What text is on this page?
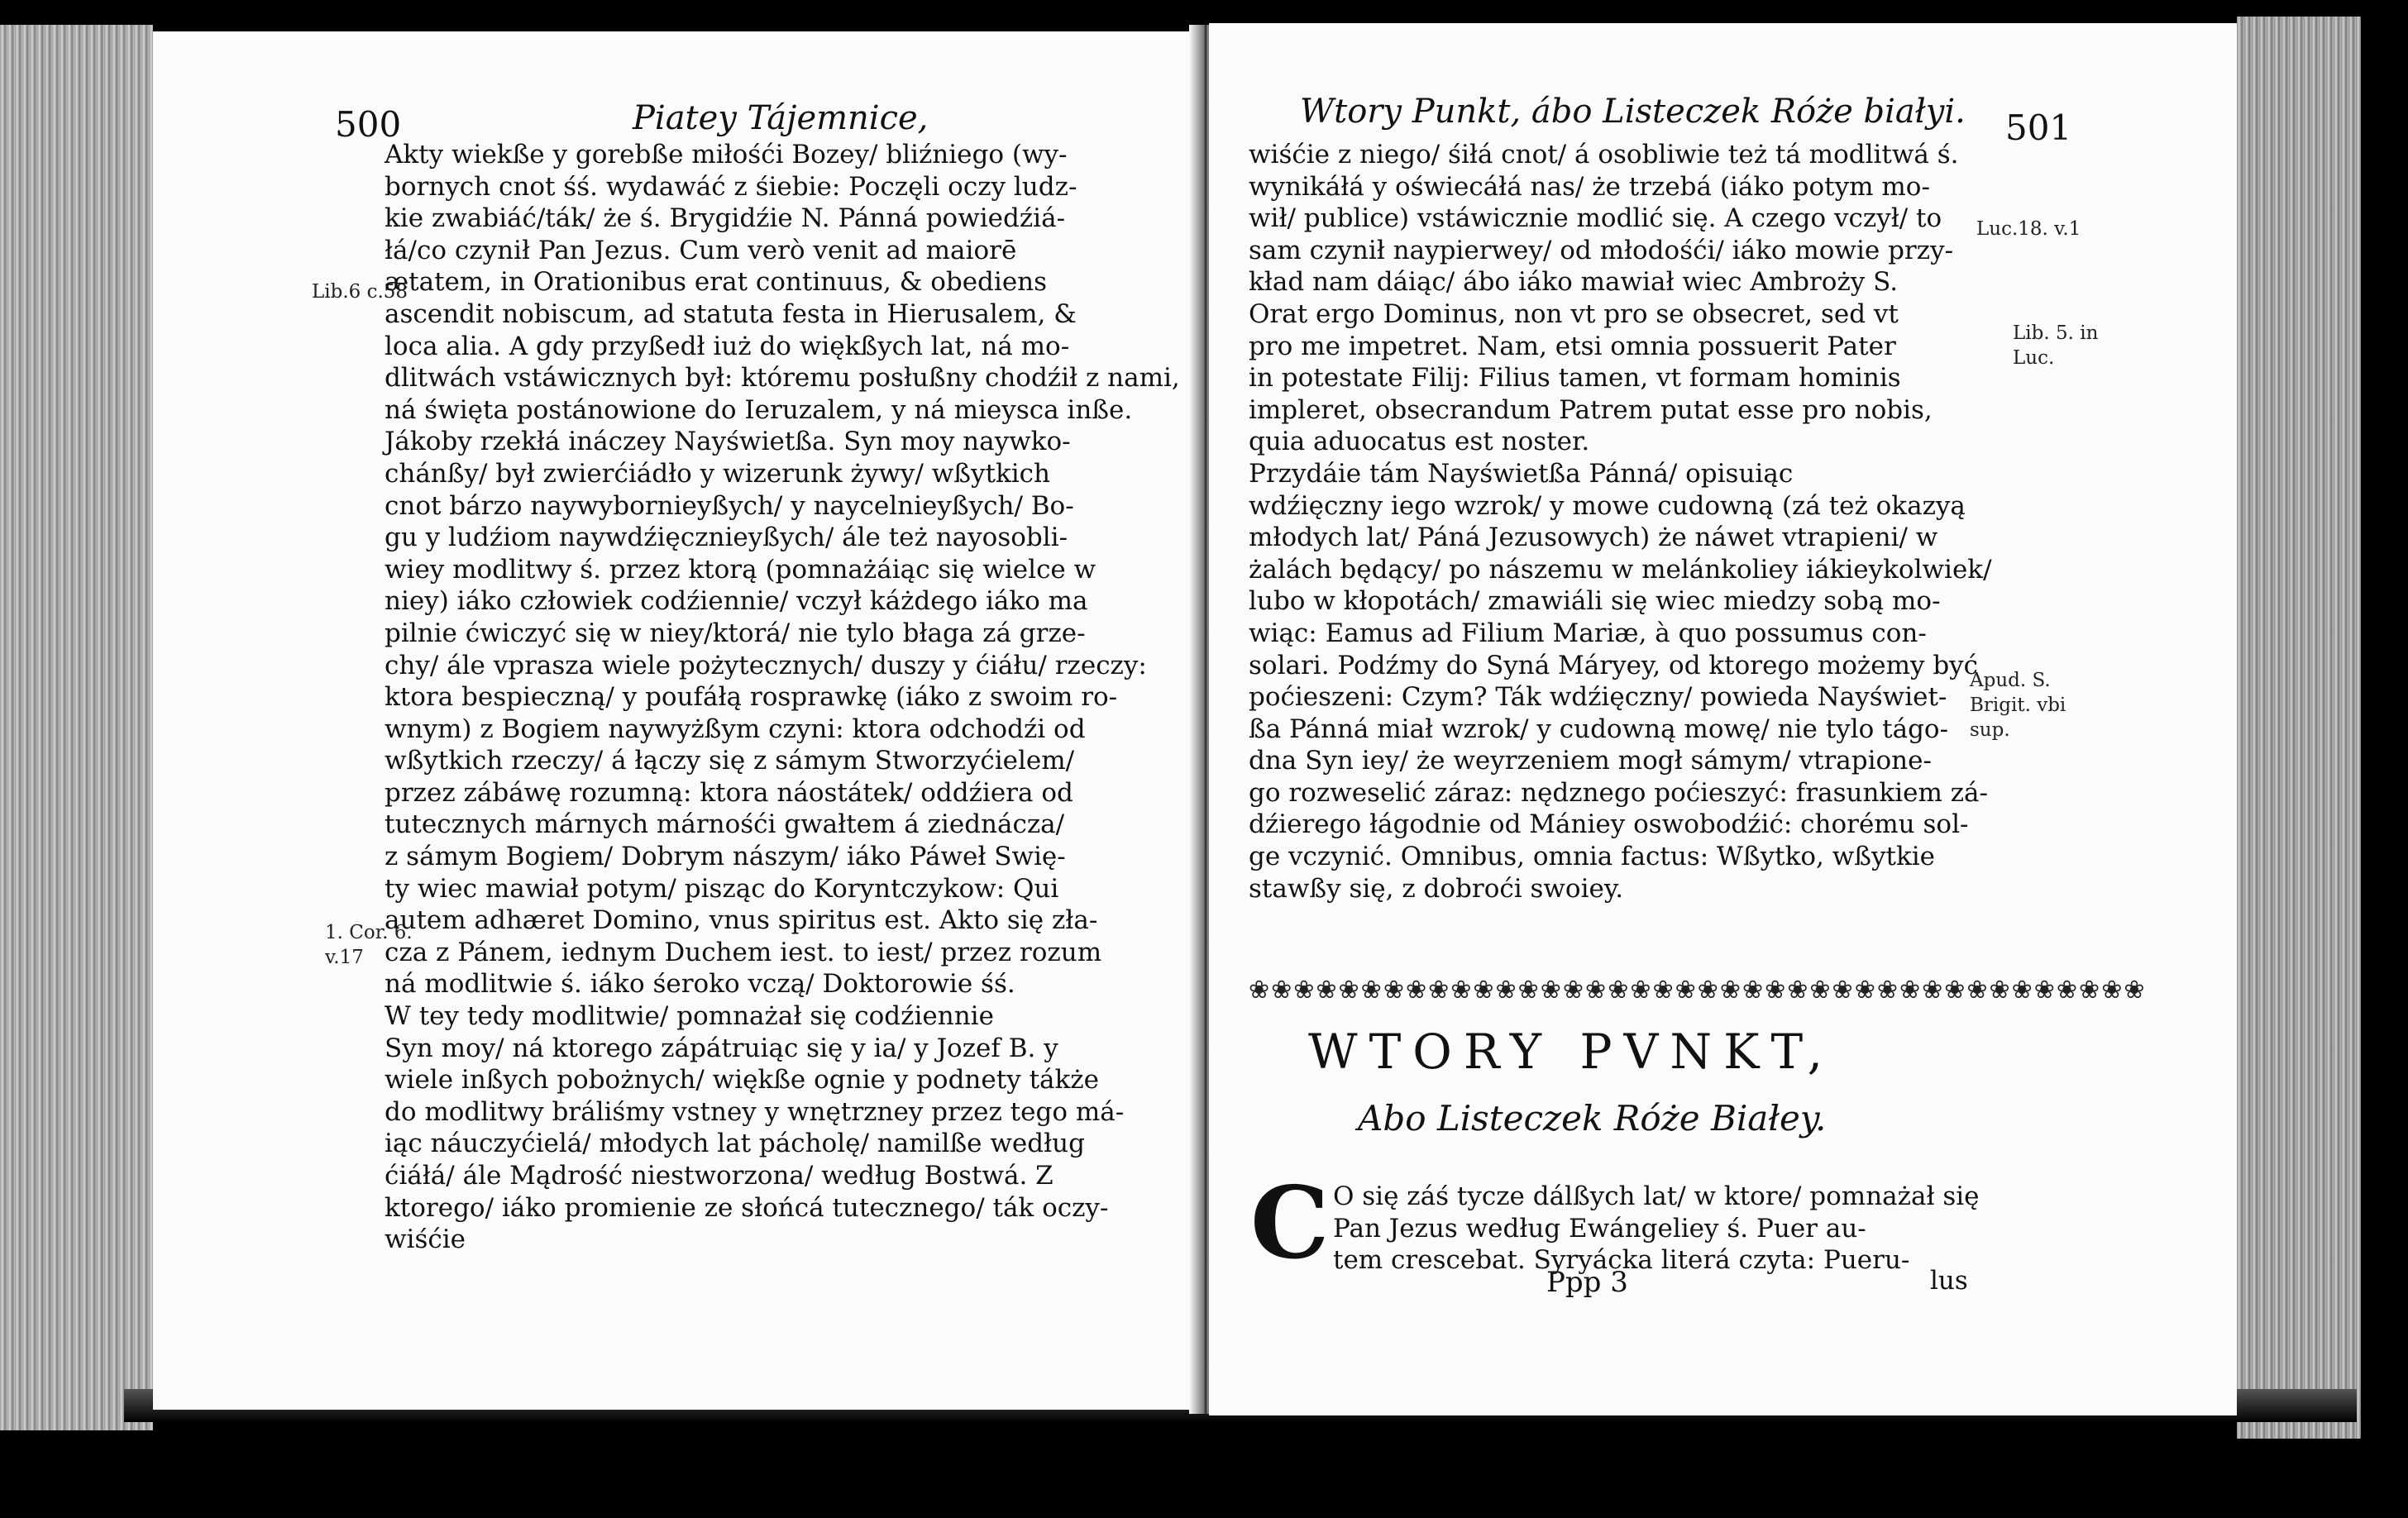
500	Piatey Tájemnice,
Lib.6 c.58
1. Cor. 6.
v.17
Akty wiekße y gorebße miłośći Bozey/ bliźniego (wy-
bornych cnot śś. wydawáć z śiebie: Poczęli oczy ludz-
kie zwabiáć/ták/ że ś. Brygidźie N. Pánná powiedźiá-
łá/co czynił Pan Jezus. Cum verò venit ad maiorē
ætatem, in Orationibus erat continuus, & obediens
ascendit nobiscum, ad statuta festa in Hierusalem, &
loca alia. A gdy przyßedł iuż do więkßych lat, ná mo-
dlitwách vstáwicznych był: któremu posłußny chodźił z nami,
ná święta postánowione do Ieruzalem, y ná mieysca inße.
Jákoby rzekłá ináczey Nayświetßa. Syn moy naywko-
chánßy/ był zwierćiádło y wizerunk żywy/ wßytkich
cnot bárzo naywybornieyßych/ y naycelnieyßych/ Bo-
gu y ludźiom naywdźięcznieyßych/ ále też nayosobli-
wiey modlitwy ś. przez ktorą (pomnażáiąc się wielce w
niey) iáko człowiek codźiennie/ vczył káżdego iáko ma
pilnie ćwiczyć się w niey/ktorá/ nie tylo błaga zá grze-
chy/ ále vprasza wiele pożytecznych/ duszy y ćiáłu/ rzeczy:
ktora bespieczną/ y poufáłą rosprawkę (iáko z swoim ro-
wnym) z Bogiem naywyżßym czyni: ktora odchodźi od
wßytkich rzeczy/ á łączy się z sámym Stworzyćielem/
przez zábáwę rozumną: ktora náostátek/ oddźiera od
tutecznych márnych márnośći gwałtem á ziednácza/
z sámym Bogiem/ Dobrym nászym/ iáko Páweł Swię-
ty wiec mawiał potym/ pisząc do Koryntczykow: Qui
autem adhæret Domino, vnus spiritus est. Akto się zła-
cza z Pánem, iednym Duchem iest. to iest/ przez rozum
ná modlitwie ś. iáko śeroko vczą/ Doktorowie śś.
W tey tedy modlitwie/ pomnażał się codźiennie
Syn moy/ ná ktorego zápátruiąc się y ia/ y Jozef B. y
wiele inßych pobożnych/ więkße ognie y podnety tákże
do modlitwy bráliśmy vstney y wnętrzney przez tego má-
iąc náuczyćielá/ młodych lat pácholę/ namilße według
ćiáłá/ ále Mądrość niestworzona/ według Bostwá. Z
ktorego/ iáko promienie ze słońcá tutecznego/ ták oczy-
wiśćie
Wtory Punkt, ábo Listeczek Róże białyi. 501
Luc.18. v.1
Lib. 5. in
Luc.
Apud. S.
Brigit. vbi
sup.
wiśćie z niego/ śiłá cnot/ á osobliwie też tá modlitwá ś.
wynikáłá y oświecáłá nas/ że trzebá (iáko potym mo-
wił/ publice) vstáwicznie modlić się. A czego vczył/ to
sam czynił naypierwey/ od młodośći/ iáko mowie przy-
kład nam dáiąc/ ábo iáko mawiał wiec Ambroży S.
Orat ergo Dominus, non vt pro se obsecret, sed vt
pro me impetret. Nam, etsi omnia possuerit Pater
in potestate Filij: Filius tamen, vt formam hominis
impleret, obsecrandum Patrem putat esse pro nobis,
quia aduocatus est noster.
Przydáie tám Nayświetßa Pánná/ opisuiąc
wdźięczny iego wzrok/ y mowe cudowną (zá też okazyą
młodych lat/ Páná Jezusowych) że náwet vtrapieni/ w
żalách będący/ po nászemu w melánkoliey iákieykolwiek/
lubo w kłopotách/ zmawiáli się wiec miedzy sobą mo-
wiąc: Eamus ad Filium Mariæ, à quo possumus con-
solari. Podźmy do Syná Máryey, od ktorego możemy być
poćieszeni: Czym? Ták wdźięczny/ powieda Nayświet-
ßa Pánná miał wzrok/ y cudowną mowę/ nie tylo tágo-
dna Syn iey/ że weyrzeniem mogł sámym/ vtrapione-
go rozweselić záraz: nędznego poćieszyć: frasunkiem zá-
dźierego łágodnie od Mániey oswobodźić: chorému sol-
ge vczynić. Omnibus, omnia factus: Wßytko, wßytkie
stawßy się, z dobroći swoiey.
❀❀❀❀❀❀❀❀❀❀❀❀❀❀❀❀❀❀❀❀❀❀❀❀❀❀❀❀❀❀❀❀❀❀❀❀❀❀❀❀
WTORY PVNKT,
Abo Listeczek Róże Białey.
C O się záś tycze dálßych lat/ w ktore/ pomnażał się
Pan Jezus według Ewángeliey ś. Puer au-
tem crescebat. Syryácka literá czyta: Pueru-
Ppp 3	lus
